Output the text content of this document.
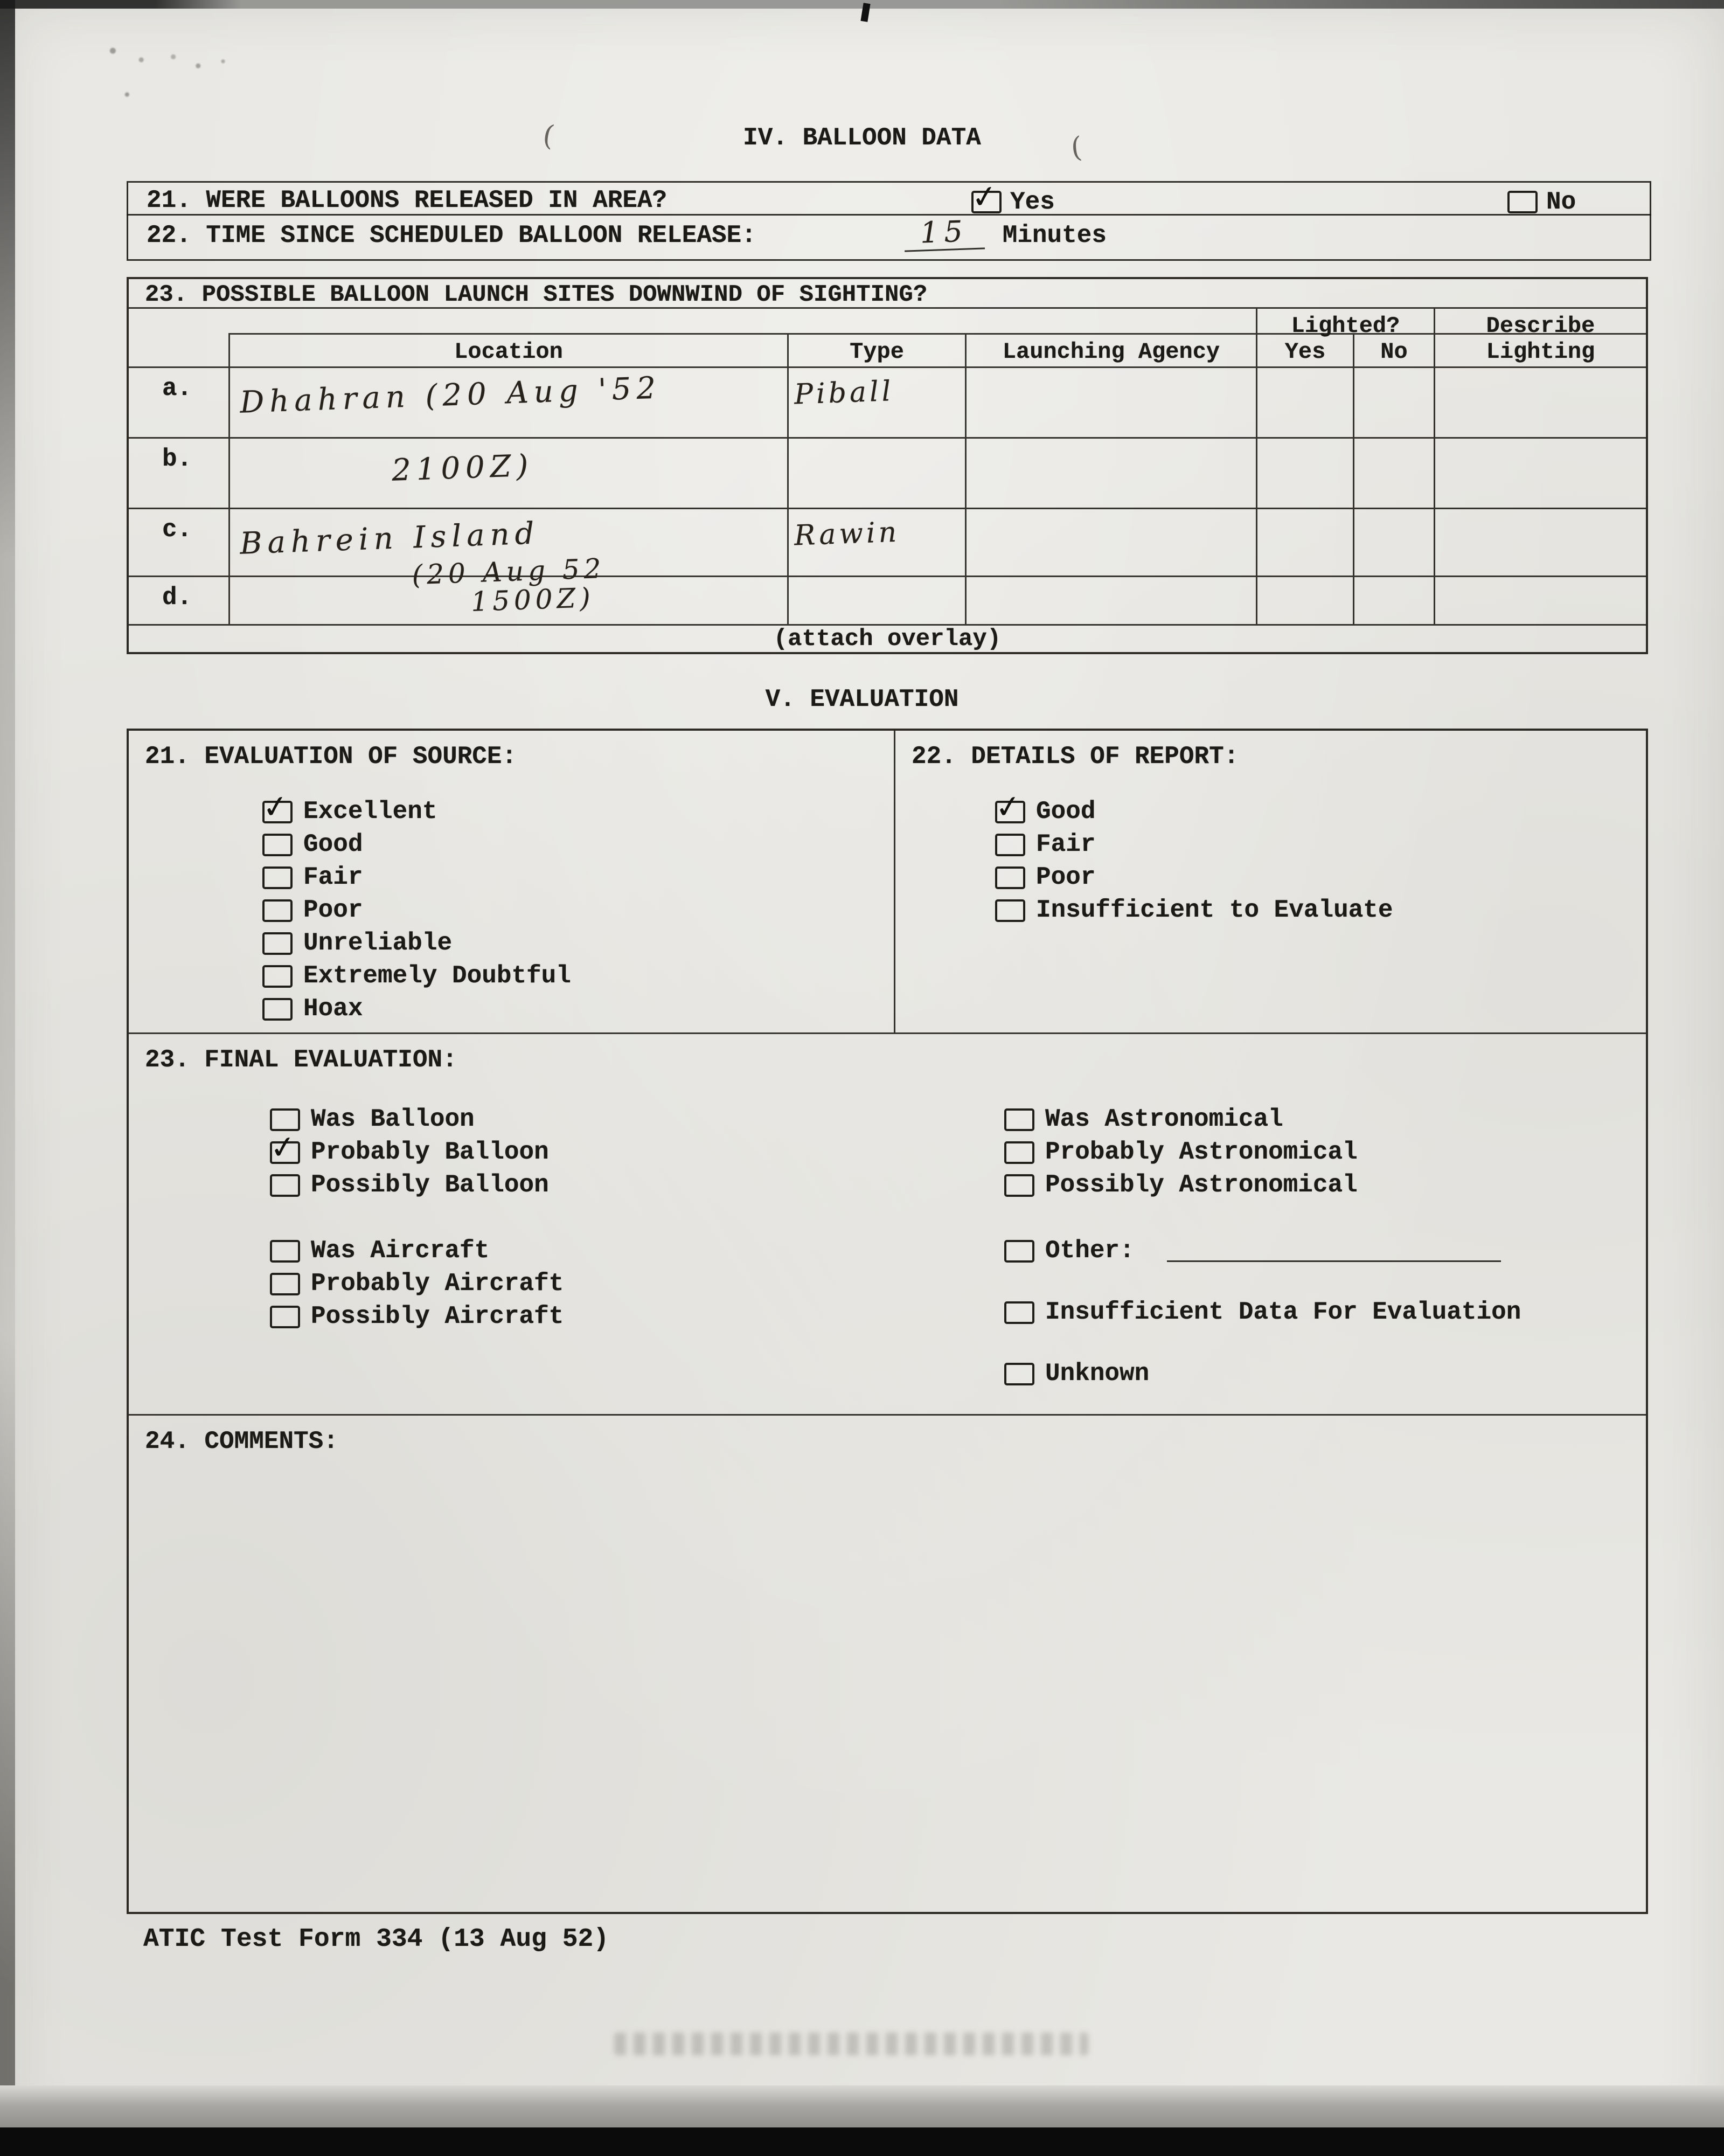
(	(
IV. BALLOON DATA
21. WERE BALLOONS RELEASED IN AREA?	✓ Yes	No
22. TIME SINCE SCHEDULED BALLOON RELEASE:	15	Minutes
23. POSSIBLE BALLOON LAUNCH SITES DOWNWIND OF SIGHTING?
Lighted?	Describe
Location	Type	Launching Agency	Yes	No	Lighting
a.	Dhahran (20 Aug '52	Piball
b.	2100Z)
c.	Bahrein Island	Rawin
d.
(20 Aug 52
1500Z)
(attach overlay)
V. EVALUATION
21. EVALUATION OF SOURCE:
✓ Excellent
Good
Fair
Poor
Unreliable
Extremely Doubtful
Hoax
22. DETAILS OF REPORT:
✓ Good
Fair
Poor
Insufficient to Evaluate
23. FINAL EVALUATION:
Was Balloon
✓ Probably Balloon
Possibly Balloon
Was Aircraft
Probably Aircraft
Possibly Aircraft
Was Astronomical
Probably Astronomical
Possibly Astronomical
Other:
Insufficient Data For Evaluation
Unknown
24. COMMENTS:
ATIC Test Form 334 (13 Aug 52)
